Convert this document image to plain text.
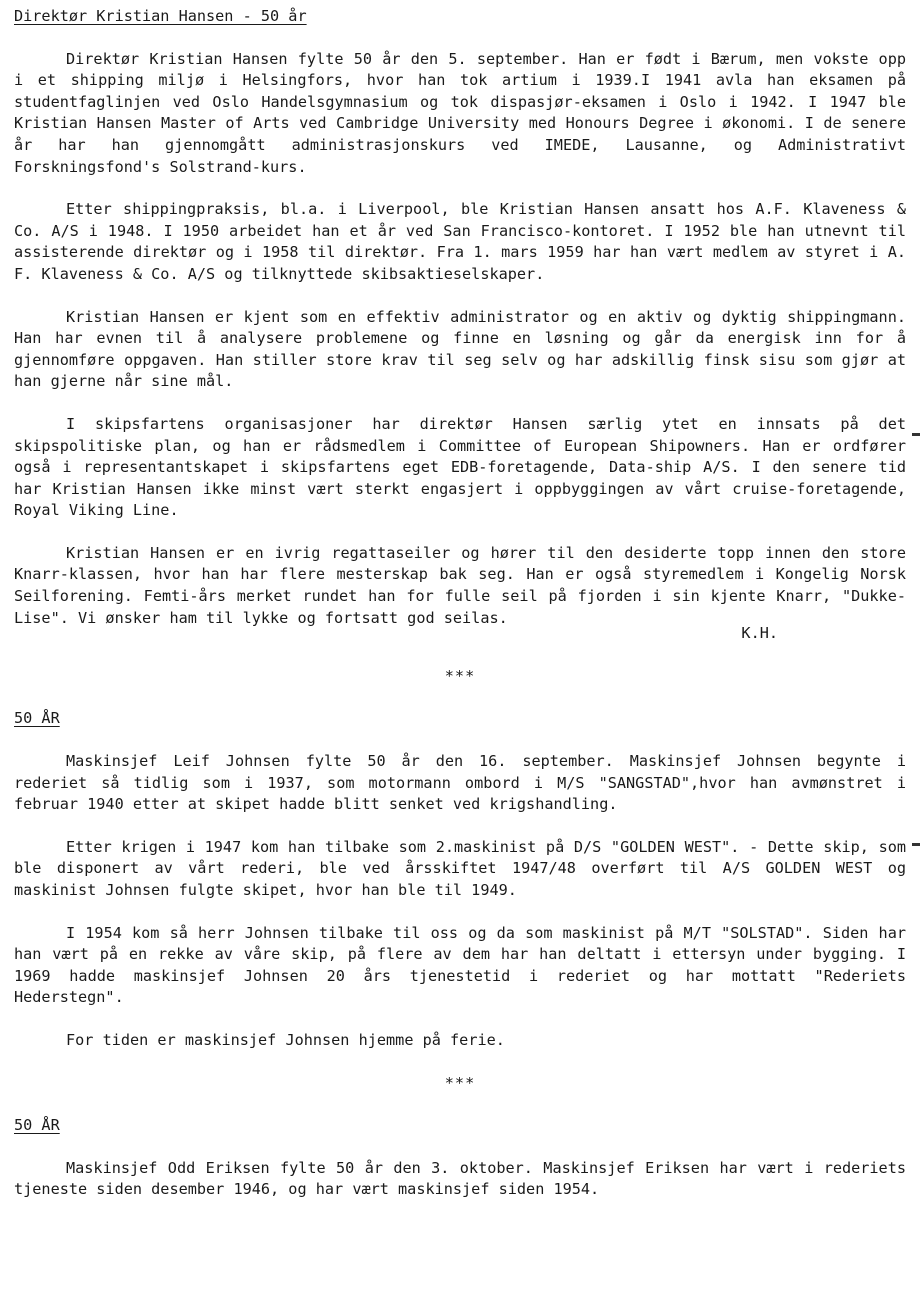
Direktør Kristian Hansen - 50 år

Direktør Kristian Hansen fylte 50 år den 5. september. Han er født i Bærum, men vokste opp i et shipping miljø i Helsingfors, hvor han tok artium i 1939.I 1941 avla han eksamen på studentfaglinjen ved Oslo Handelsgymnasium og tok dispasjør-eksamen i Oslo i 1942. I 1947 ble Kristian Hansen Master of Arts ved Cambridge University med Honours Degree i økonomi. I de senere år har han gjennomgått administrasjonskurs ved IMEDE, Lausanne, og Administrativt Forskningsfond's Solstrand-kurs.

Etter shippingpraksis, bl.a. i Liverpool, ble Kristian Hansen ansatt hos A.F. Klaveness & Co. A/S i 1948. I 1950 arbeidet han et år ved San Francisco-kontoret. I 1952 ble han utnevnt til assisterende direktør og i 1958 til direktør. Fra 1. mars 1959 har han vært medlem av styret i A. F. Klaveness & Co. A/S og tilknyttede skibsaktieselskaper.

Kristian Hansen er kjent som en effektiv administrator og en aktiv og dyktig shippingmann. Han har evnen til å analysere problemene og finne en løsning og går da energisk inn for å gjennomføre oppgaven. Han stiller store krav til seg selv og har adskillig finsk sisu som gjør at han gjerne når sine mål.

I skipsfartens organisasjoner har direktør Hansen særlig ytet en innsats på det skipspolitiske plan, og han er rådsmedlem i Committee of European Shipowners. Han er ordfører også i representantskapet i skipsfartens eget EDB-foretagende, Data-ship A/S. I den senere tid har Kristian Hansen ikke minst vært sterkt engasjert i oppbyggingen av vårt cruise-foretagende, Royal Viking Line.

Kristian Hansen er en ivrig regattaseiler og hører til den desiderte topp innen den store Knarr-klassen, hvor han har flere mesterskap bak seg. Han er også styremedlem i Kongelig Norsk Seilforening. Femti-års merket rundet han for fulle seil på fjorden i sin kjente Knarr, "Dukke-Lise". Vi ønsker ham til lykke og fortsatt god seilas.

K.H.
***
50 ÅR

Maskinsjef Leif Johnsen fylte 50 år den 16. september. Maskinsjef Johnsen begynte i rederiet så tidlig som i 1937, som motormann ombord i M/S "SANGSTAD",hvor han avmønstret i februar 1940 etter at skipet hadde blitt senket ved krigshandling.

Etter krigen i 1947 kom han tilbake som 2.maskinist på D/S "GOLDEN WEST". - Dette skip, som ble disponert av vårt rederi, ble ved årsskiftet 1947/48 overført til A/S GOLDEN WEST og maskinist Johnsen fulgte skipet, hvor han ble til 1949.

I 1954 kom så herr Johnsen tilbake til oss og da som maskinist på M/T "SOLSTAD". Siden har han vært på en rekke av våre skip, på flere av dem har han deltatt i ettersyn under bygging. I 1969 hadde maskinsjef Johnsen 20 års tjenestetid i rederiet og har mottatt "Rederiets Hederstegn".

For tiden er maskinsjef Johnsen hjemme på ferie.

***
50 ÅR

Maskinsjef Odd Eriksen fylte 50 år den 3. oktober. Maskinsjef Eriksen har vært i rederiets tjeneste siden desember 1946, og har vært maskinsjef siden 1954.
